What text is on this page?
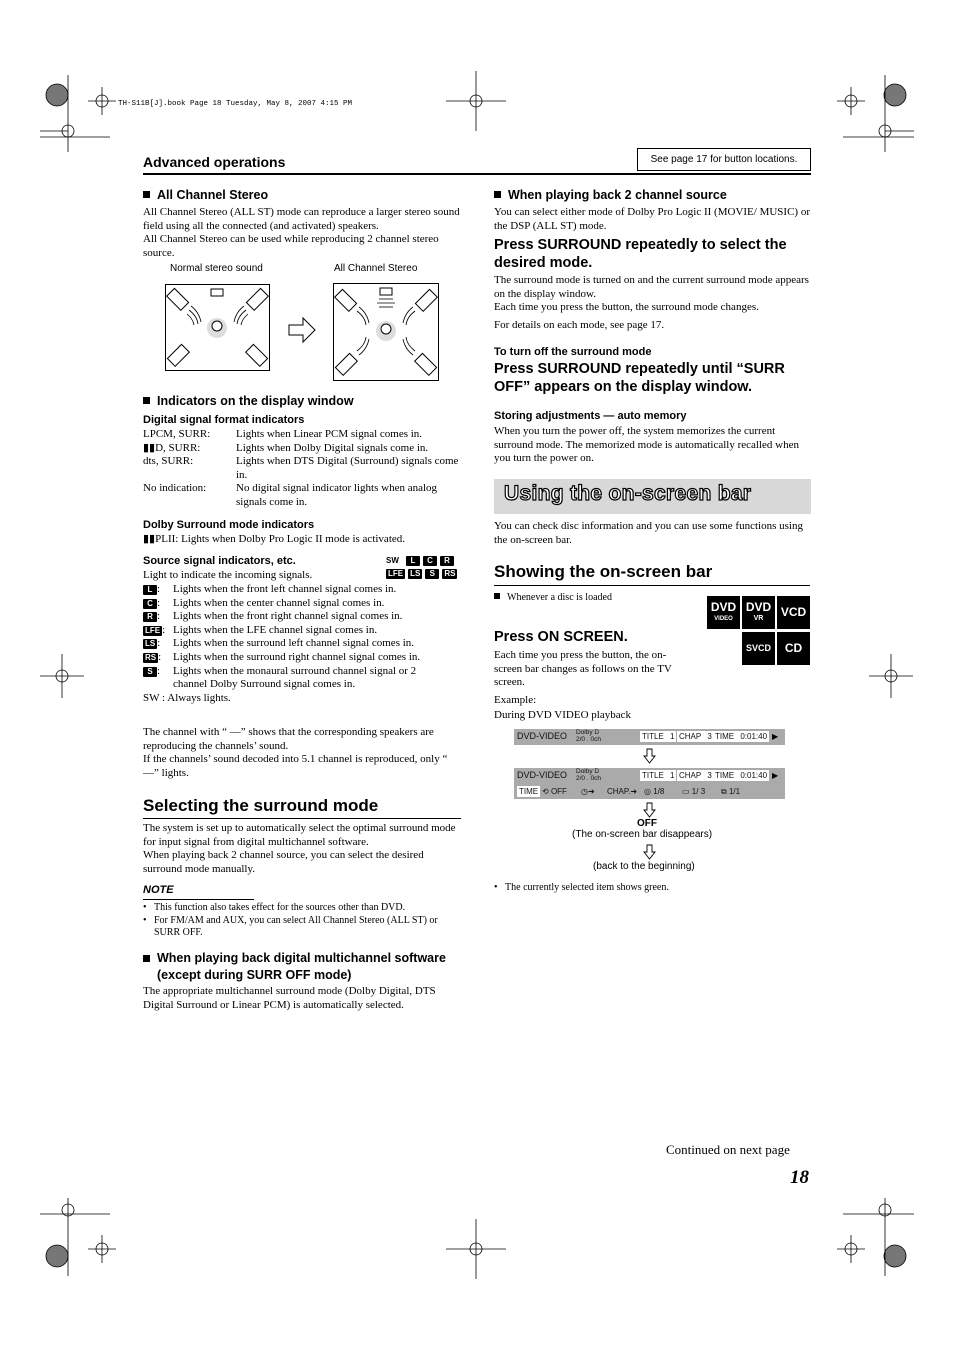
TH-S11B[J].book Page 18 Tuesday, May 8, 2007 4:15 PM
Advanced operations	See page 17 for button locations.
All Channel Stereo
All Channel Stereo (ALL ST) mode can reproduce a larger stereo sound field using all the connected (and activated) speakers.
All Channel Stereo can be used while reproducing 2 channel stereo source.
Normal stereo sound	All Channel Stereo
Indicators on the display window
Digital signal format indicators
LPCM, SURR:	Lights when Linear PCM signal comes in.
▮▮D, SURR:	Lights when Dolby Digital signals come in.
dts, SURR:	Lights when DTS Digital (Surround) signals come in.
No indication:	No digital signal indicator lights when analog signals come in.
Dolby Surround mode indicators
▮▮PLII: Lights when Dolby Pro Logic II mode is activated.
Source signal indicators, etc.
Light to indicate the incoming signals.
SW	L	C	R
LFE LS	S	RS
L :	Lights when the front left channel signal comes in.
C :	Lights when the center channel signal comes in.
R :	Lights when the front right channel signal comes in.
LFE : Lights when the LFE channel signal comes in.
LS :	Lights when the surround left channel signal comes in.
RS :	Lights when the surround right channel signal comes in.
S :	Lights when the monaural surround channel signal or 2 channel Dolby Surround signal comes in.
SW : Always lights.
The channel with “ —” shows that the corresponding speakers are reproducing the channels’ sound.
If the channels’ sound decoded into 5.1 channel is reproduced, only “ —” lights.
Selecting the surround mode
The system is set up to automatically select the optimal surround mode for input signal from digital multichannel software.
When playing back 2 channel source, you can select the desired surround mode manually.
NOTE
• This function also takes effect for the sources other than DVD.
• For FM/AM and AUX, you can select All Channel Stereo (ALL ST) or SURR OFF.
When playing back digital multichannel software (except during SURR OFF mode)
The appropriate multichannel surround mode (Dolby Digital, DTS Digital Surround or Linear PCM) is automatically selected.
When playing back 2 channel source
You can select either mode of Dolby Pro Logic II (MOVIE/ MUSIC) or the DSP (ALL ST) mode.
Press SURROUND repeatedly to select the desired mode.
The surround mode is turned on and the current surround mode appears on the display window.
Each time you press the button, the surround mode changes.
For details on each mode, see page 17.
To turn off the surround mode
Press SURROUND repeatedly until “SURR OFF” appears on the display window.
Storing adjustments — auto memory
When you turn the power off, the system memorizes the current surround mode. The memorized mode is automatically recalled when you turn the power on.
Using the on-screen bar
You can check disc information and you can use some functions using the on-screen bar.
Showing the on-screen bar
Whenever a disc is loaded
DVD
VIDEO
DVD
VR	VCD
SVCD	CD
Press ON SCREEN.
Each time you press the button, the on-screen bar changes as follows on the TV screen.
Example:
During DVD VIDEO playback
DVD-VIDEO Dolby D
2/0 . 0ch	TITLE 1 CHAP 3 TIME 0:01:40 ▶
DVD-VIDEO Dolby D
2/0 . 0ch	TITLE 1 CHAP 3 TIME 0:01:40 ▶
TIME ⟲ OFF ◷➜ CHAP.➜ ◎ 1/8 ▭ 1/ 3 ⧉ 1/1
OFF
(The on-screen bar disappears)
(back to the beginning)
•   The currently selected item shows green.
Continued on next page
18
